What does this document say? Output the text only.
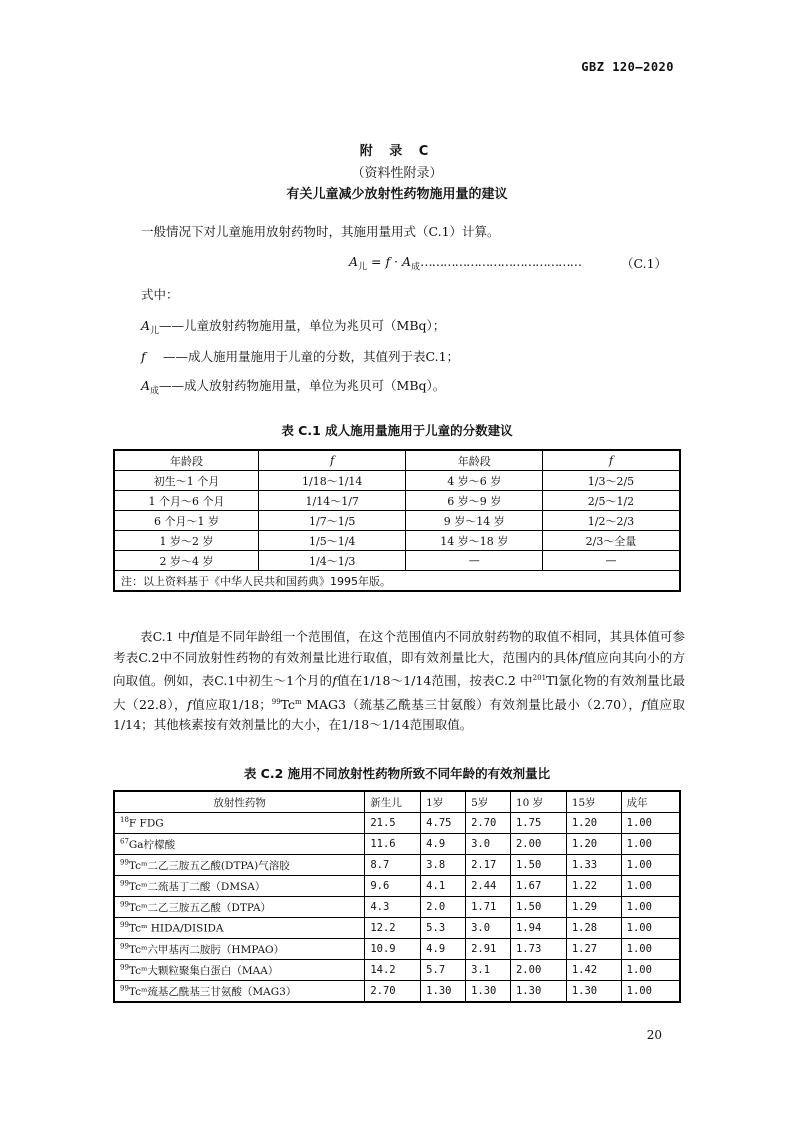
GBZ 120—2020
附 录 C
（资料性附录）
有关儿童减少放射性药物施用量的建议
一般情况下对儿童施用放射药物时，其施用量用式（C.1）计算。
$A_儿 = f$ · $A_成\dots\dots\dots\dots\dots\dots\dots\dots\dots\dots\dots\dots\dots\dots$	（C.1）
式中：
$A_儿——$儿童放射药物施用量，单位为兆贝可（MBq）；
f ——成人施用量施用于儿童的分数，其值列于表C.1；
$A_成——$成人放射药物施用量，单位为兆贝可（MBq）。
表 C.1 成人施用量施用于儿童的分数建议
年龄段	f	年龄段	f
初生～1 个月	1/18～1/14	4 岁～6 岁	1/3～2/5
1 个月～6 个月	1/14～1/7	6 岁～9 岁	2/5～1/2
6 个月～1 岁	1/7～1/5	9 岁～14 岁	1/2～2/3
1 岁～2 岁	1/5～1/4	14 岁～18 岁	2/3～全量
2 岁～4 岁	1/4～1/3	—	—
注：以上资料基于《中华人民共和国药典》1995年版。			
表C.1 中f值是不同年龄组一个范围值，在这个范围值内不同放射药物的取值不相同，其具体值可参考表C.2中不同放射性药物的有效剂量比进行取值，即有效剂量比大，范围内的具体f值应向其向小的方向取值。例如，表C.1中初生～1个月的f值在1/18～1/14范围，按表C.2 中$^{201}$Tl氯化物的有效剂量比最大（22.8），f值应取1/18；$^{99}$Tc$^m$ MAG3（巯基乙酰基三甘氨酸）有效剂量比最小（2.70），f值应取1/14；其他核素按有效剂量比的大小，在1/18～1/14范围取值。
表 C.2 施用不同放射性药物所致不同年龄的有效剂量比
放射性药物	新生儿	1岁	5岁	10 岁	15岁	成年
$^{18}$F FDG	21.5	4.75	2.70	1.75	1.20	1.00
$^{67}$Ga柠檬酸	11.6	4.9	3.0	2.00	1.20	1.00
$^{99}$Tcᵐ二乙三胺五乙酸(DTPA)气溶胶	8.7	3.8	2.17	1.50	1.33	1.00
$^{99}$Tcᵐ二巯基丁二酸（DMSA）	9.6	4.1	2.44	1.67	1.22	1.00
$^{99}$Tcᵐ二乙三胺五乙酸（DTPA）	4.3	2.0	1.71	1.50	1.29	1.00
$^{99}$Tcᵐ HIDA/DISIDA	12.2	5.3	3.0	1.94	1.28	1.00
$^{99}$Tcᵐ六甲基丙二胺肟（HMPAO）	10.9	4.9	2.91	1.73	1.27	1.00
$^{99}$Tcᵐ大颗粒聚集白蛋白（MAA）	14.2	5.7	3.1	2.00	1.42	1.00
$^{99}$Tcᵐ巯基乙酰基三甘氨酸（MAG3）	2.70	1.30	1.30	1.30	1.30	1.00
20
